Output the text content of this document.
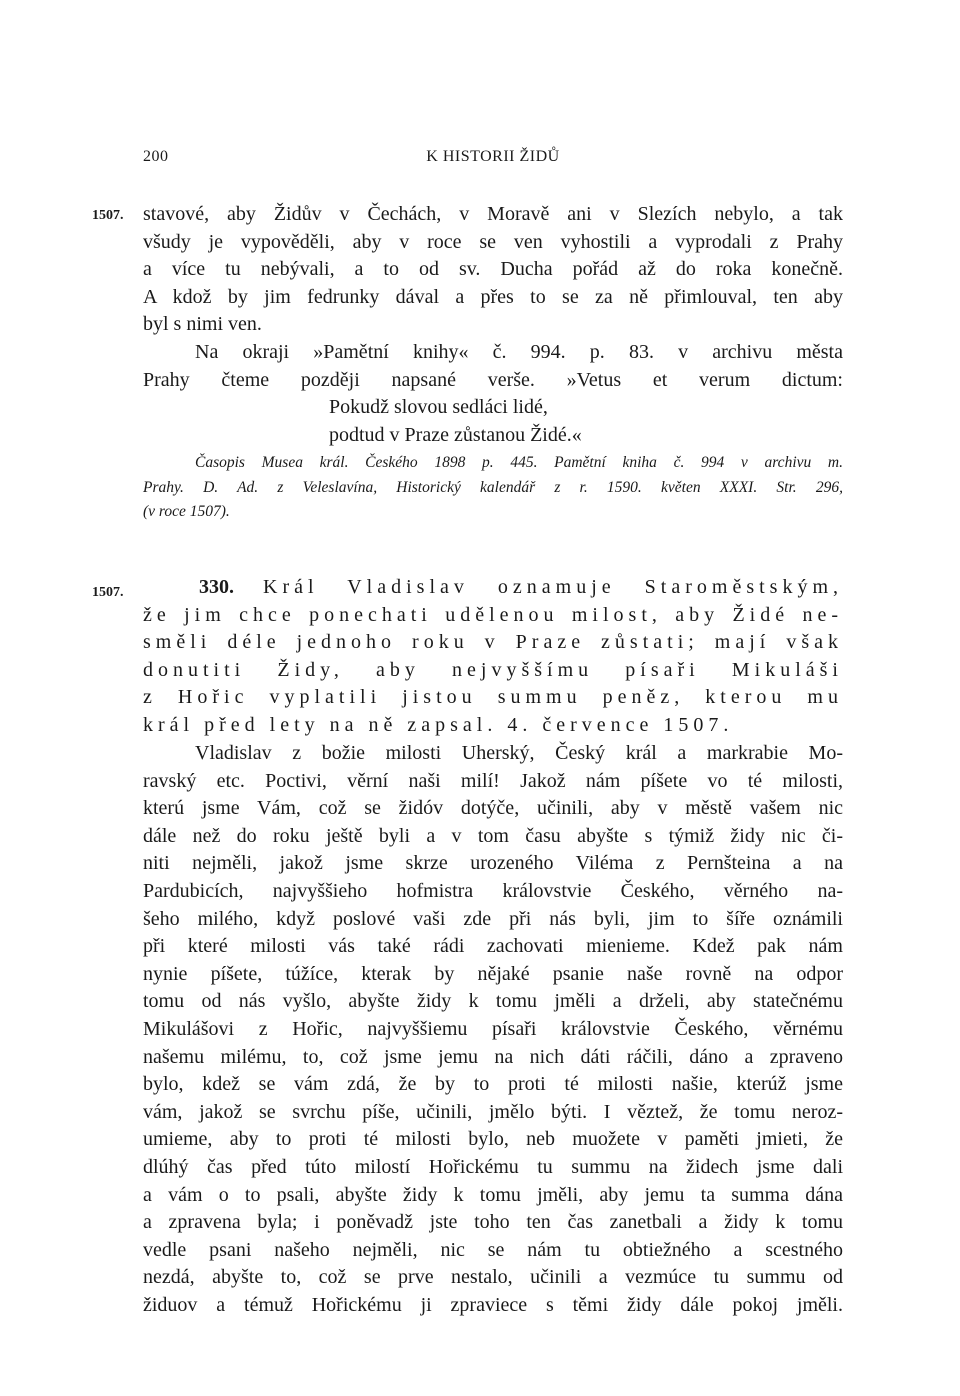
200	K HISTORII ŽIDŮ
1507. stavové, aby Židův v Čechách, v Moravě ani v Slezích nebylo, a tak
všudy je vypověděli, aby v roce se ven vyhostili a vyprodali z Prahy
a více tu nebývali, a to od sv. Ducha pořád až do roka konečně.
A kdož by jim fedrunky dával a přes to se za ně přimlouval, ten aby
byl s nimi ven.
Na okraji »Pamětní knihy« č. 994. p. 83. v archivu města
Prahy čteme později napsané verše. »Vetus et verum dictum:
Pokudž slovou sedláci lidé,
podtud v Praze zůstanou Židé.«
Časopis Musea král. Českého 1898 p. 445. Pamětní kniha č. 994 v archivu m.
Prahy. D. Ad. z Veleslavína, Historický kalendář z r. 1590. květen XXXI. Str. 296,
(v roce 1507).
1507.	330. Král Vladislav oznamuje Staroměstským,
že jim chce ponechati udělenou milost, aby Židé ne-
směli déle jednoho roku v Praze zůstati; mají však
donutiti Židy, aby nejvyššímu písaři Mikuláši
z Hořic vyplatili jistou summu peněz, kterou mu
král před lety na ně zapsal. 4. července 1507.
Vladislav z božie milosti Uherský, Český král a markrabie Mo-
ravský etc. Poctivi, věrní naši milí! Jakož nám píšete vo té milosti,
kterú jsme Vám, což se židóv dotýče, učinili, aby v městě vašem nic
dále než do roku ještě byli a v tom času abyšte s týmiž židy nic či-
niti nejměli, jakož jsme skrze urozeného Viléma z Pernšteina a na
Pardubicích, najvyššieho hofmistra královstvie Českého, věrného na-
šeho milého, když poslové vaši zde při nás byli, jim to šíře oznámili
při které milosti vás také rádi zachovati mienieme. Kdež pak nám
nynie píšete, túžíce, kterak by nějaké psanie naše rovně na odpor
tomu od nás vyšlo, abyšte židy k tomu jměli a drželi, aby statečnému
Mikulášovi z Hořic, najvyššiemu písaři královstvie Českého, věrnému
našemu milému, to, což jsme jemu na nich dáti ráčili, dáno a zpraveno
bylo, kdež se vám zdá, že by to proti té milosti našie, kterúž jsme
vám, jakož se svrchu píše, učinili, jmělo býti. I věztež, že tomu neroz-
umieme, aby to proti té milosti bylo, neb muožete v paměti jmieti, že
dlúhý čas před túto milostí Hořickému tu summu na židech jsme dali
a vám o to psali, abyšte židy k tomu jměli, aby jemu ta summa dána
a zpravena byla; i poněvadž jste toho ten čas zanetbali a židy k tomu
vedle psani našeho nejměli, nic se nám tu obtiežného a scestného
nezdá, abyšte to, což se prve nestalo, učinili a vezmúce tu summu od
židuov a témuž Hořickému ji zpraviece s těmi židy dále pokoj jměli.
